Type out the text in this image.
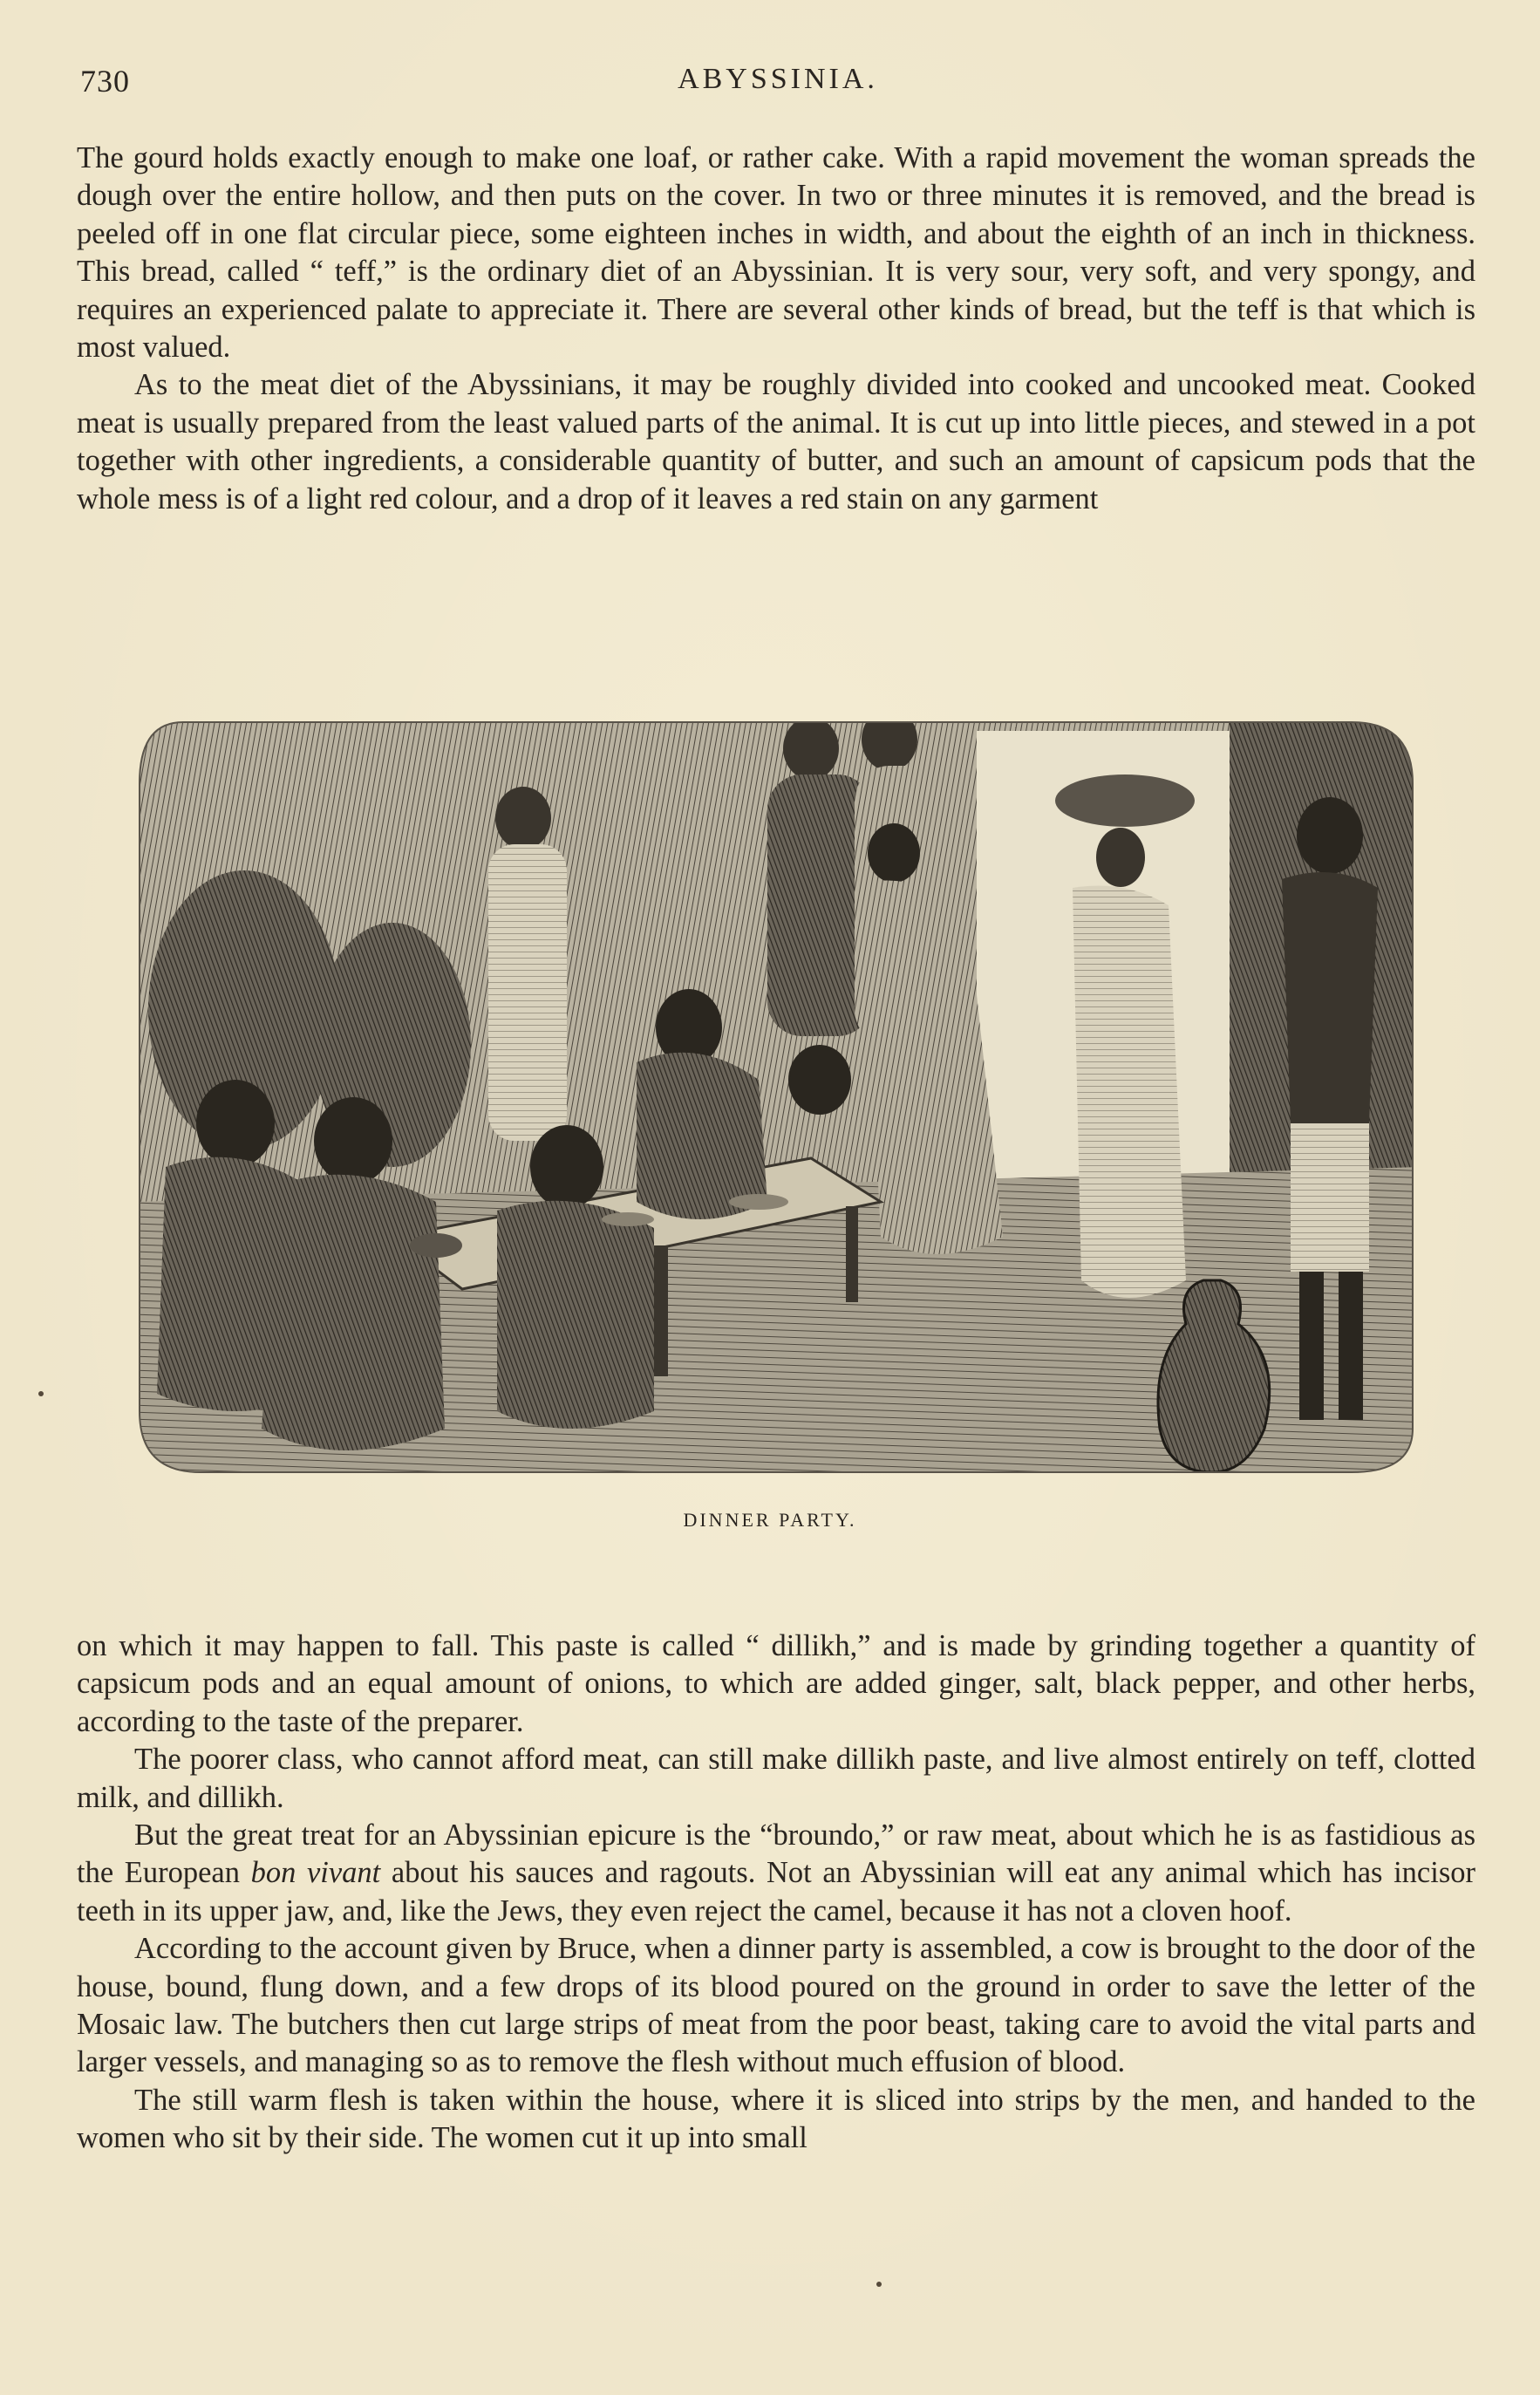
730	ABYSSINIA.

The gourd holds exactly enough to make one loaf, or rather cake. With a rapid movement the woman spreads the dough over the entire hollow, and then puts on the cover. In two or three minutes it is removed, and the bread is peeled off in one flat circular piece, some eighteen inches in width, and about the eighth of an inch in thickness. This bread, called “ teff,” is the ordinary diet of an Abyssinian. It is very sour, very soft, and very spongy, and requires an experienced palate to appreciate it. There are several other kinds of bread, but the teff is that which is most valued.

As to the meat diet of the Abyssinians, it may be roughly divided into cooked and uncooked meat. Cooked meat is usually prepared from the least valued parts of the animal. It is cut up into little pieces, and stewed in a pot together with other ingredients, a considerable quantity of butter, and such an amount of capsicum pods that the whole mess is of a light red colour, and a drop of it leaves a red stain on any garment

DINNER PARTY.

on which it may happen to fall. This paste is called “ dillikh,” and is made by grinding together a quantity of capsicum pods and an equal amount of onions, to which are added ginger, salt, black pepper, and other herbs, according to the taste of the preparer.

The poorer class, who cannot afford meat, can still make dillikh paste, and live almost entirely on teff, clotted milk, and dillikh.

But the great treat for an Abyssinian epicure is the “broundo,” or raw meat, about which he is as fastidious as the European bon vivant about his sauces and ragouts. Not an Abyssinian will eat any animal which has incisor teeth in its upper jaw, and, like the Jews, they even reject the camel, because it has not a cloven hoof.

According to the account given by Bruce, when a dinner party is assembled, a cow is brought to the door of the house, bound, flung down, and a few drops of its blood poured on the ground in order to save the letter of the Mosaic law. The butchers then cut large strips of meat from the poor beast, taking care to avoid the vital parts and larger vessels, and managing so as to remove the flesh without much effusion of blood.

The still warm flesh is taken within the house, where it is sliced into strips by the men, and handed to the women who sit by their side. The women cut it up into small
